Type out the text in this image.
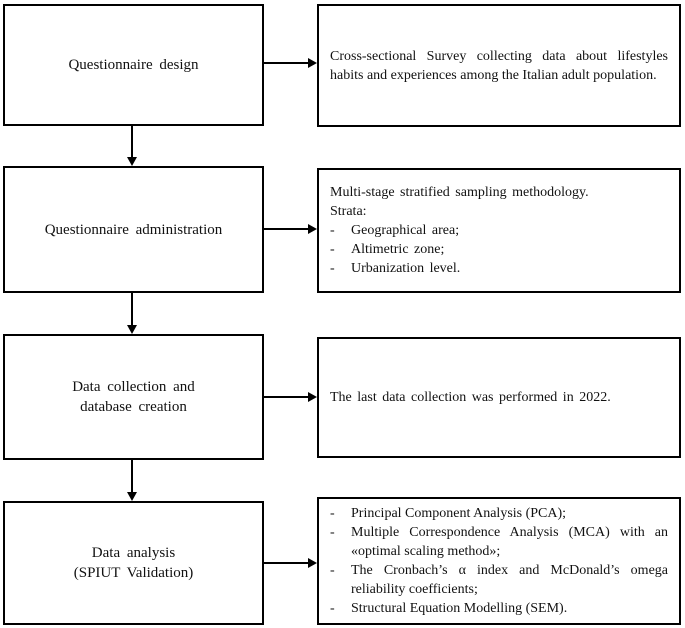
Questionnaire design
Questionnaire administration
Data collection and
database creation
Data analysis
(SPIUT Validation)
Cross-sectional Survey collecting data about lifestyles habits and experiences among the Italian adult population.
Multi-stage stratified sampling methodology.
Strata:
-	Geographical area;
-	Altimetric zone;
-	Urbanization level.
The last data collection was performed in 2022.
-	Principal Component Analysis (PCA);
-	Multiple Correspondence Analysis (MCA) with an «optimal scaling method»;
-	The Cronbach’s α index and McDonald’s omega reliability coefficients;
-	Structural Equation Modelling (SEM).
